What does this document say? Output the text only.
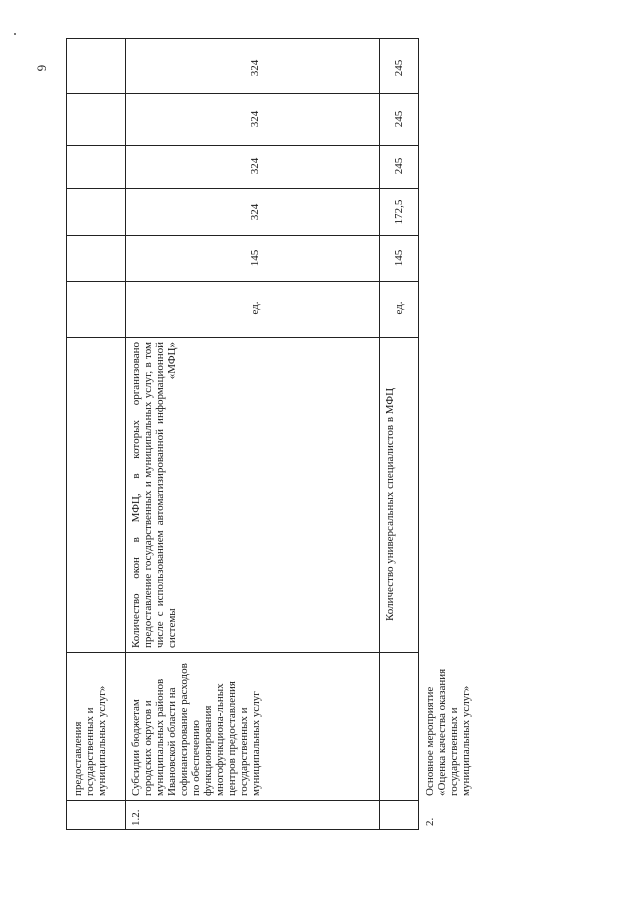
6
предоставления государственных и муниципальных услуг»
1.2.
Субсидии бюджетам городских округов и муниципальных районов Ивановской области на софинансирование расходов по обеспечению функционирования многофункциона-льных центров предоставления государственных и муниципальных услуг
Количество окон в МФЦ, в которых организовано предоставление государственных и муниципальных услуг, в том числе с использованием автоматизированной информационной системы «МФЦ»
ед.
145
324
324
324
324
Количество универсальных специалистов в МФЦ
ед.
145
172,5
245
245
245
2.
Основное мероприятие «Оценка качества оказания государственных и муниципальных услуг»
